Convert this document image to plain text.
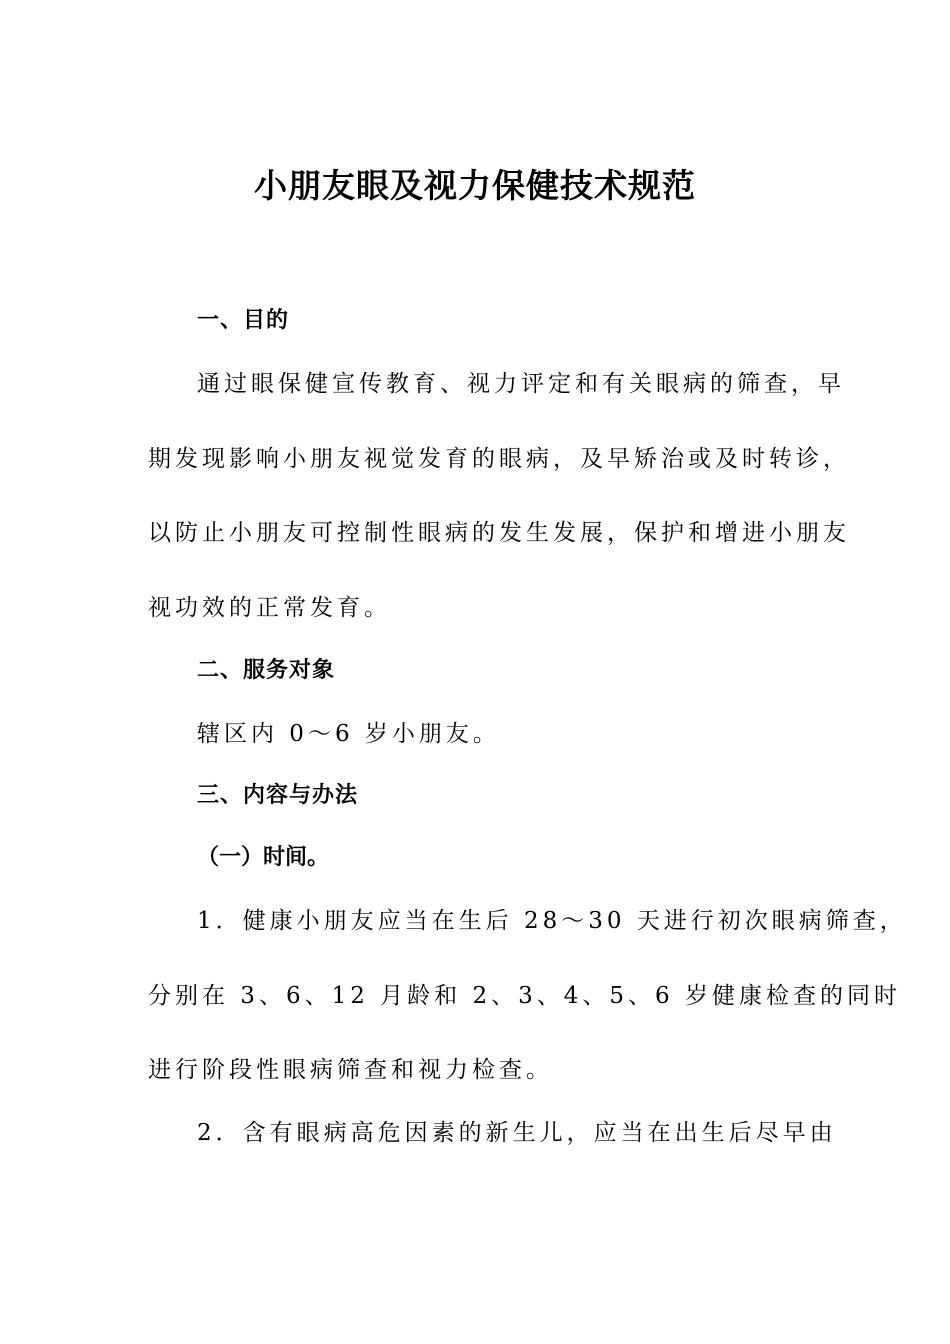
小朋友眼及视力保健技术规范
一、目的
通过眼保健宣传教育、视力评定和有关眼病的筛查，早
期发现影响小朋友视觉发育的眼病，及早矫治或及时转诊，
以防止小朋友可控制性眼病的发生发展，保护和增进小朋友
视功效的正常发育。
二、服务对象
辖区内 0～6 岁小朋友。
三、内容与办法
（一）时间。
1．健康小朋友应当在生后 28～30 天进行初次眼病筛查，
分别在 3、6、12 月龄和 2、3、4、5、6 岁健康检查的同时
进行阶段性眼病筛查和视力检查。
2．含有眼病高危因素的新生儿，应当在出生后尽早由
